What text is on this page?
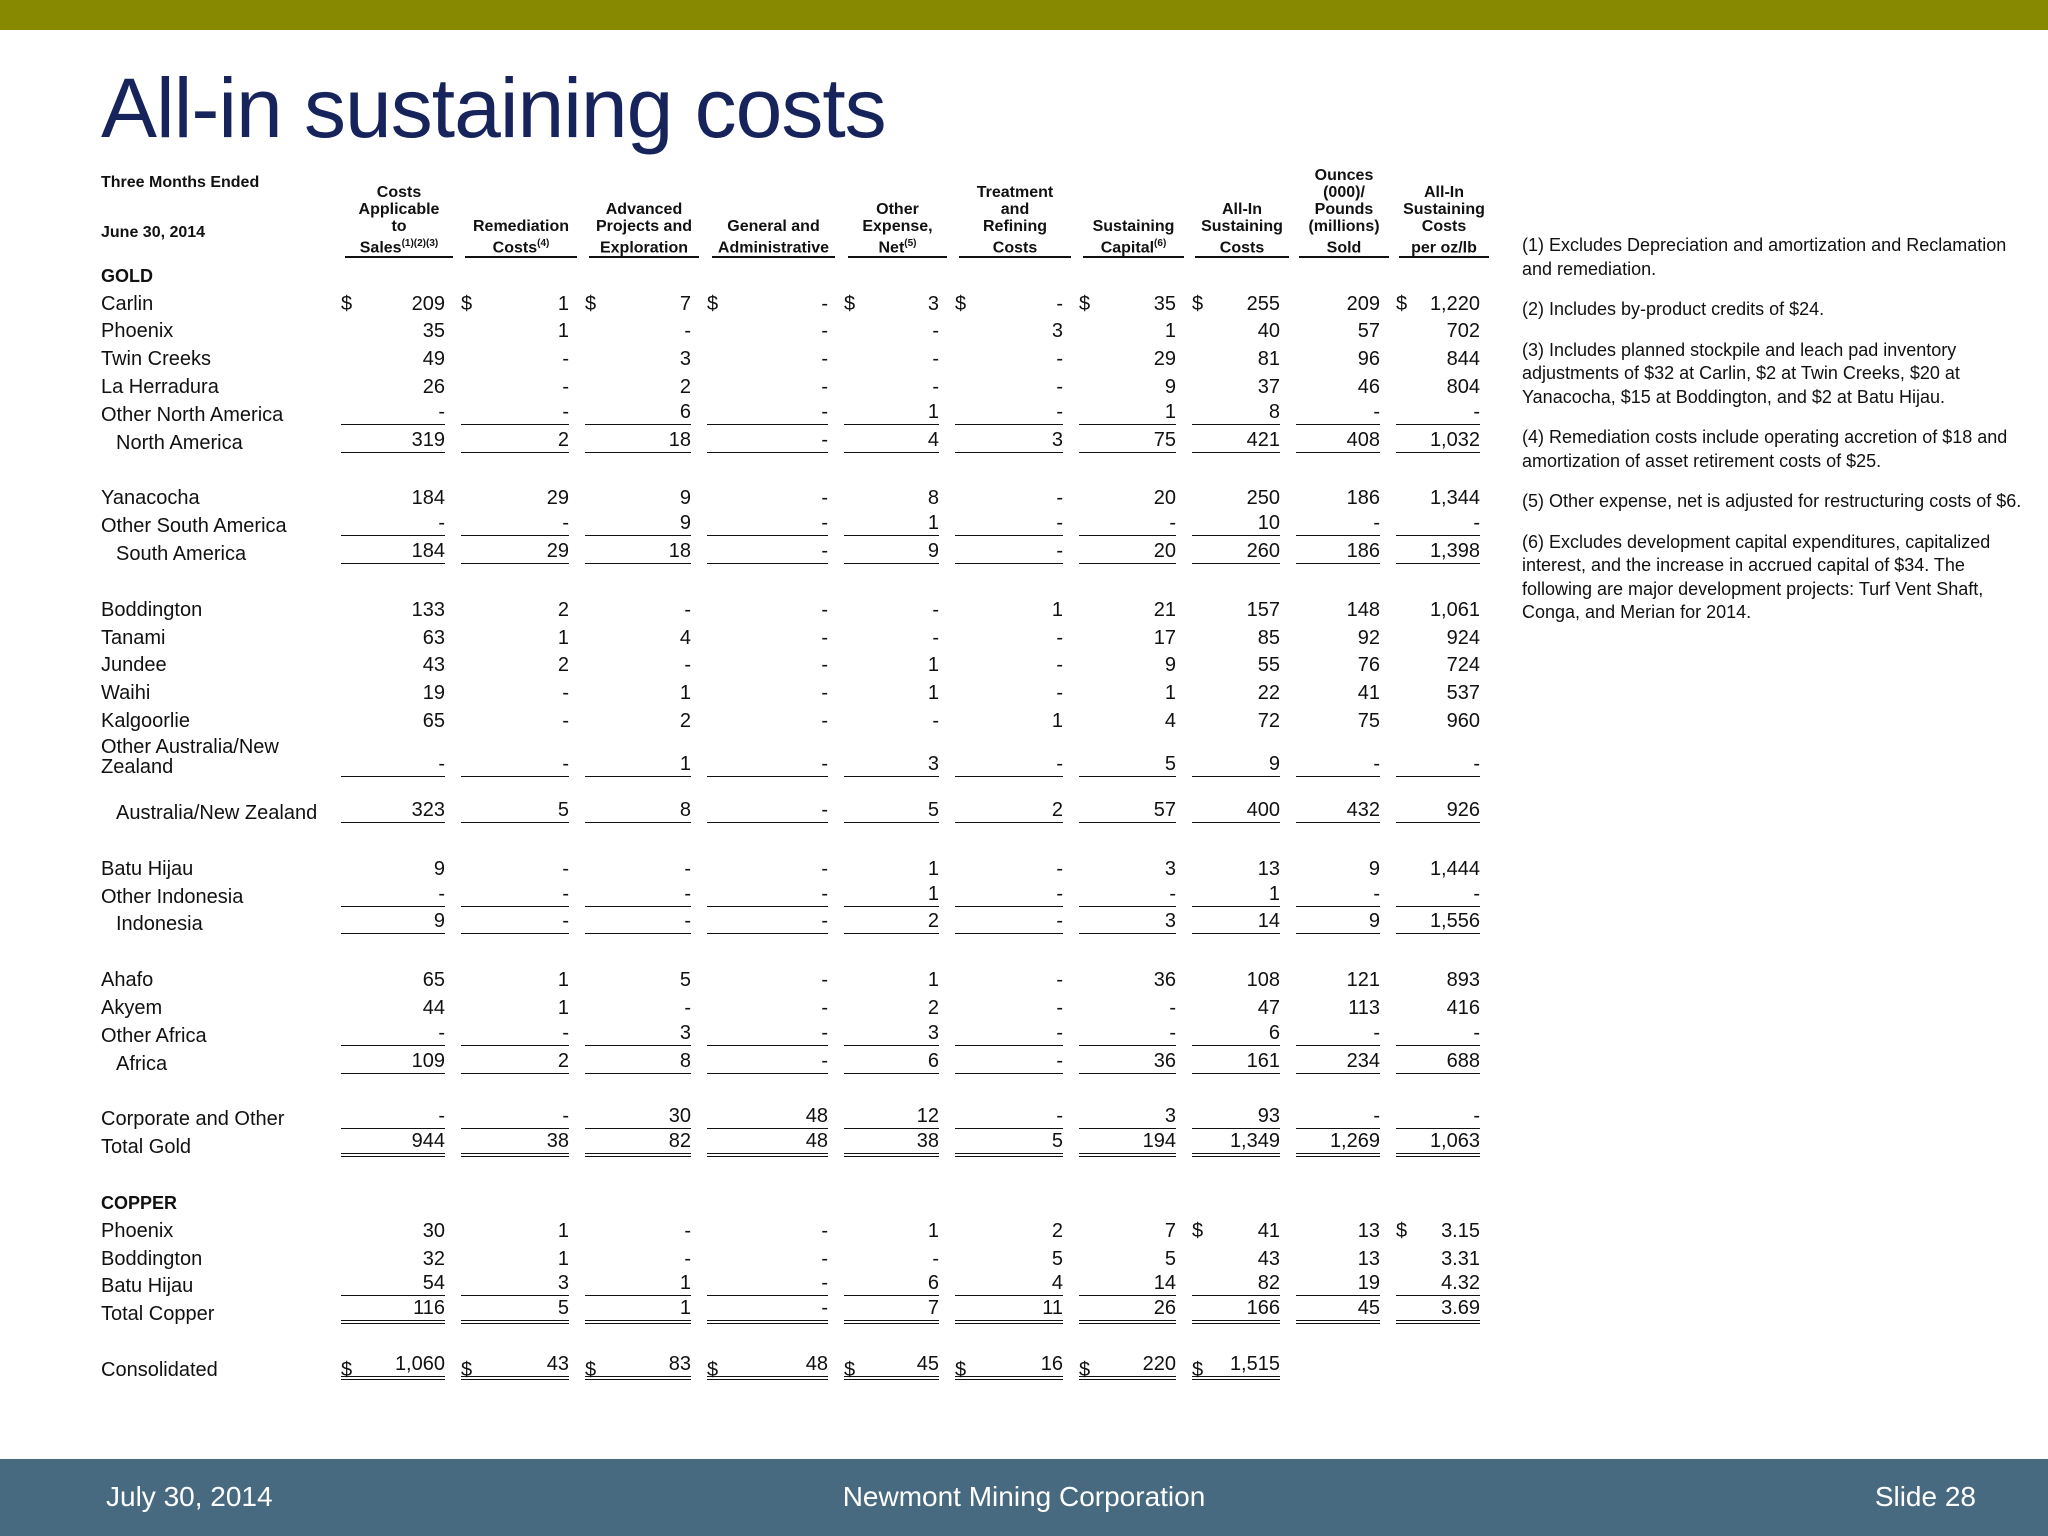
All-in sustaining costs

Three Months Ended

June 30, 2014	Costs
Applicable
to
Sales$^{(1)(2)(3)}$	Remediation
Costs$^{(4)}$	Advanced
Projects and
Exploration	General and
Administrative	Other
Expense,
Net$^{(5)}$	Treatment
and
Refining
Costs	Sustaining
Capital$^{(6)}$	All-In
Sustaining
Costs	Ounces
(000)/
Pounds
(millions)
Sold	All-In
Sustaining
Costs
per oz/lb
GOLD	

Carlin	$ 209	$ 1	$ 7	$ -	$ 3	$ -	$ 35	$ 255	209	$ 1,220

Phoenix	35	1	-	-	-	3	1	40	57	702

Twin Creeks	49	-	3	-	-	-	29	81	96	844

La Herradura	26	-	2	-	-	-	9	37	46	804

Other North America	-	-	6	-	1	-	1	8	-	-

North America	319	2	18	-	4	3	75	421	408	1,032

Yanacocha	184	29	9	-	8	-	20	250	186	1,344

Other South America	-	-	9	-	1	-	-	10	-	-

South America	184	29	18	-	9	-	20	260	186	1,398

Boddington	133	2	-	-	-	1	21	157	148	1,061

Tanami	63	1	4	-	-	-	17	85	92	924

Jundee	43	2	-	-	1	-	9	55	76	724

Waihi	19	-	1	-	1	-	1	22	41	537

Kalgoorlie	65	-	2	-	-	1	4	72	75	960

Other Australia/New Zealand	-	-	1	-	3	-	5	9	-	-

Australia/New Zealand	323	5	8	-	5	2	57	400	432	926

Batu Hijau	9	-	-	-	1	-	3	13	9	1,444

Other Indonesia	-	-	-	-	1	-	-	1	-	-

Indonesia	9	-	-	-	2	-	3	14	9	1,556

Ahafo	65	1	5	-	1	-	36	108	121	893

Akyem	44	1	-	-	2	-	-	47	113	416

Other Africa	-	-	3	-	3	-	-	6	-	-

Africa	109	2	8	-	6	-	36	161	234	688

Corporate and Other	-	-	30	48	12	-	3	93	-	-

Total Gold	944	38	82	48	38	5	194	1,349	1,269	1,063

COPPER	

Phoenix	30	1	-	-	1	2	7	$ 41	13	$ 3.15

Boddington	32	1	-	-	-	5	5	43	13	3.31

Batu Hijau	54	3	1	-	6	4	14	82	19	4.32

Total Copper	116	5	1	-	7	11	26	166	45	3.69

Consolidated	$ 1,060	$ 43	$ 83	$ 48	$ 45	$ 16	$ 220	$ 1,515		

(1) Excludes Depreciation and amortization and Reclamation and remediation.

(2) Includes by-product credits of $24.

(3) Includes planned stockpile and leach pad inventory adjustments of $32 at Carlin, $2 at Twin Creeks, $20 at Yanacocha, $15 at Boddington, and $2 at Batu Hijau.

(4) Remediation costs include operating accretion of $18 and amortization of asset retirement costs of $25.

(5) Other expense, net is adjusted for restructuring costs of $6.

(6) Excludes development capital expenditures, capitalized interest, and the increase in accrued capital of $34. The following are major development projects: Turf Vent Shaft, Conga, and Merian for 2014.

July 30, 2014	Newmont Mining Corporation	Slide 28
